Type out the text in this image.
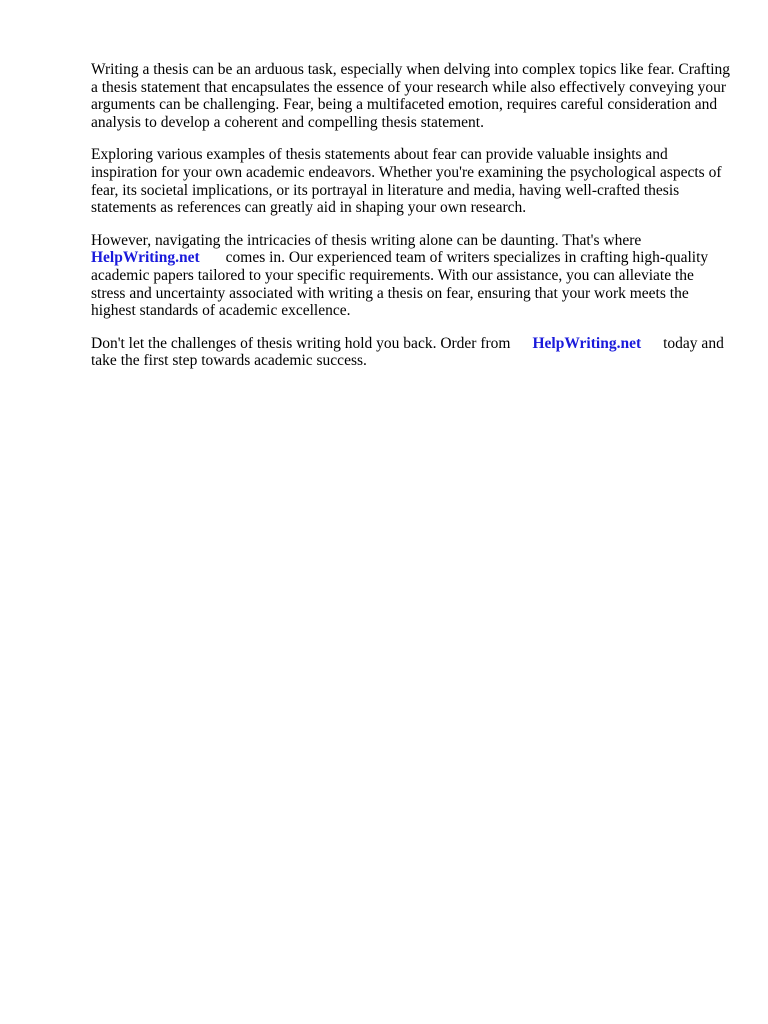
Writing a thesis can be an arduous task, especially when delving into complex topics like fear. Crafting a thesis statement that encapsulates the essence of your research while also effectively conveying your arguments can be challenging. Fear, being a multifaceted emotion, requires careful consideration and analysis to develop a coherent and compelling thesis statement.

Exploring various examples of thesis statements about fear can provide valuable insights and inspiration for your own academic endeavors. Whether you're examining the psychological aspects of fear, its societal implications, or its portrayal in literature and media, having well-crafted thesis statements as references can greatly aid in shaping your own research.

However, navigating the intricacies of thesis writing alone can be daunting. That's where
HelpWriting.net comes in. Our experienced team of writers specializes in crafting high-quality academic papers tailored to your specific requirements. With our assistance, you can alleviate the stress and uncertainty associated with writing a thesis on fear, ensuring that your work meets the highest standards of academic excellence.

Don't let the challenges of thesis writing hold you back. Order from HelpWriting.net today and take the first step towards academic success.
